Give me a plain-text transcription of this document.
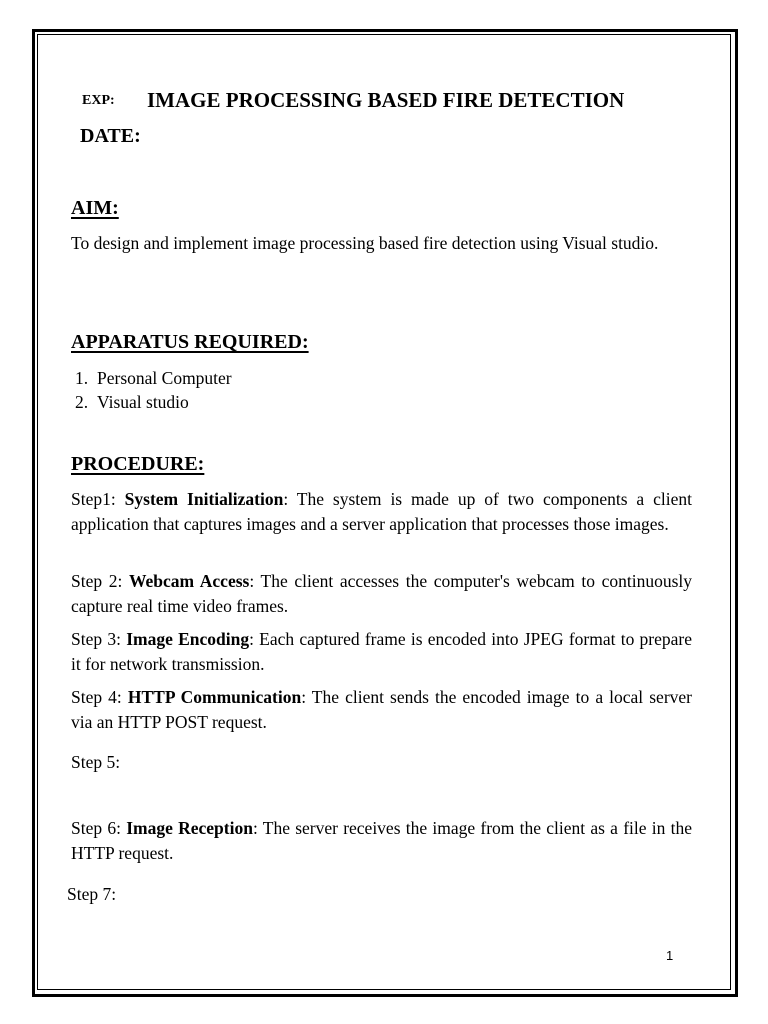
EXP: IMAGE PROCESSING BASED FIRE DETECTION
DATE:
AIM:
To design and implement image processing based fire detection using Visual studio.
APPARATUS REQUIRED:
1. Personal Computer
2. Visual studio
PROCEDURE:
Step1: System Initialization: The system is made up of two components a client application that captures images and a server application that processes those images.
Step 2: Webcam Access: The client accesses the computer's webcam to continuously capture real time video frames.
Step 3: Image Encoding: Each captured frame is encoded into JPEG format to prepare it for network transmission.
Step 4: HTTP Communication: The client sends the encoded image to a local server via an HTTP POST request.
Step 5:
Step 6: Image Reception: The server receives the image from the client as a file in the HTTP request.
Step 7:
1
